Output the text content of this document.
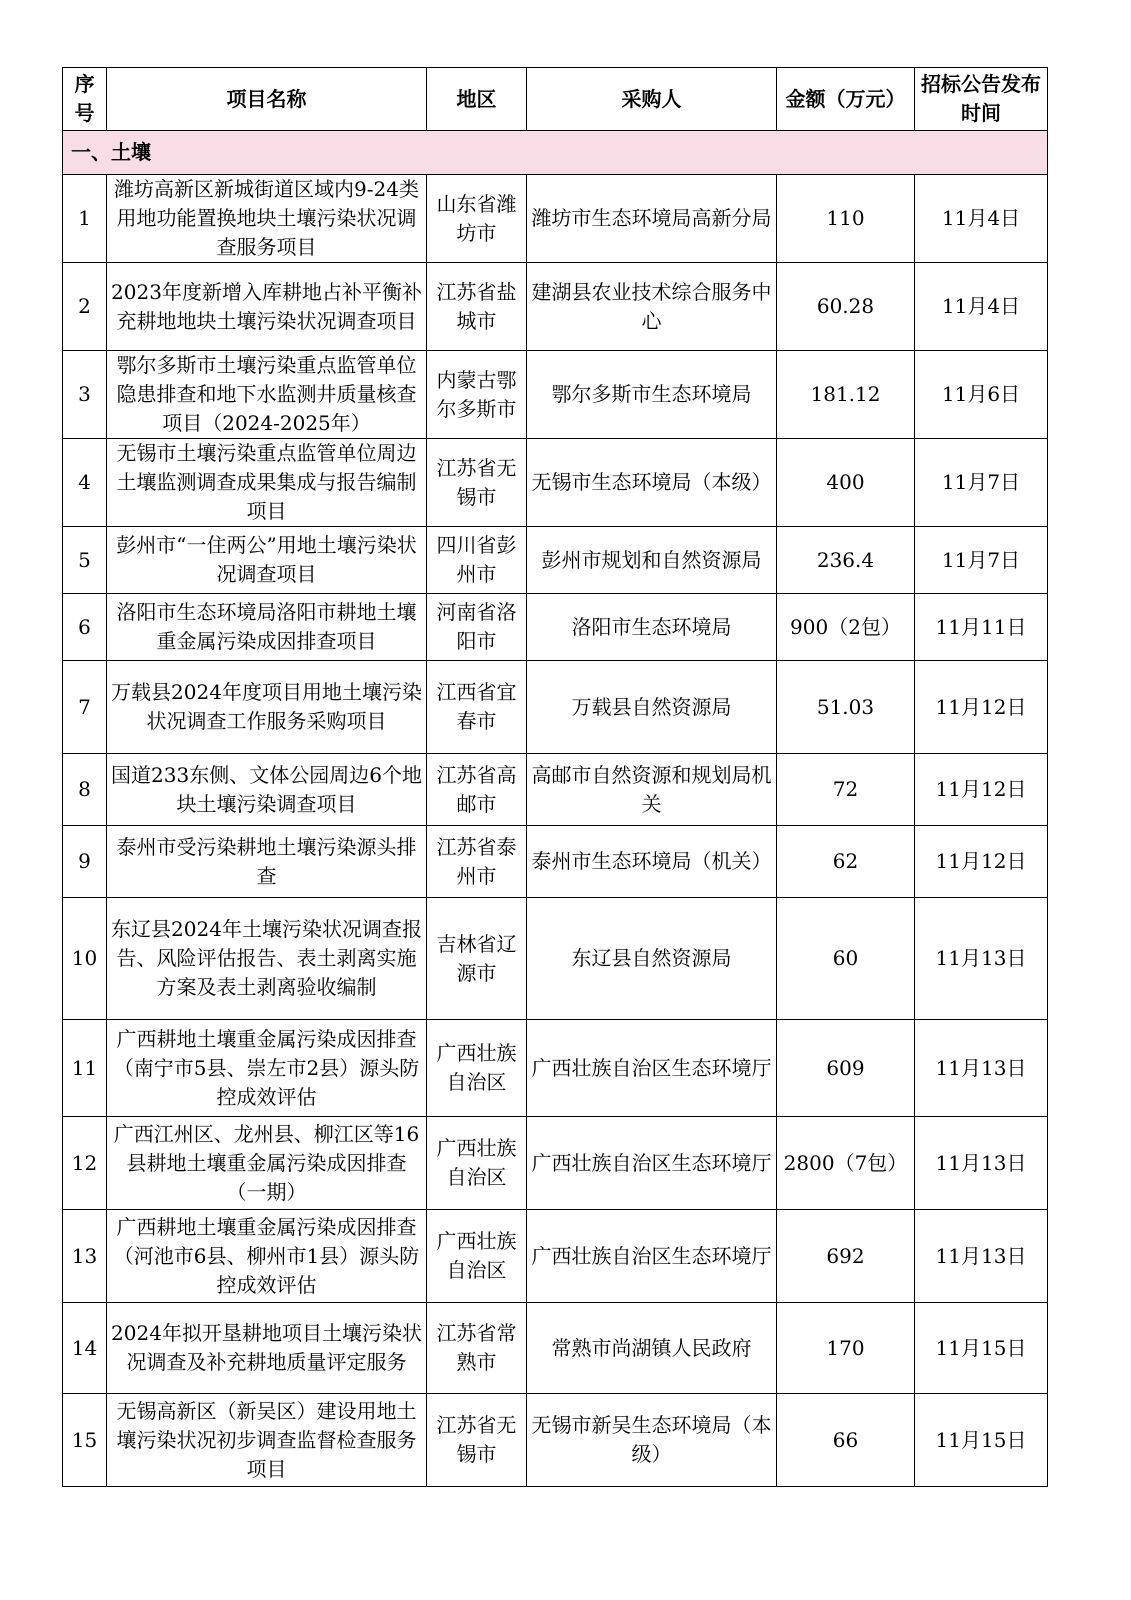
序号	项目名称	地区	采购人	金额（万元）	招标公告发布时间
一、土壤					
1	潍坊高新区新城街道区域内9-24类用地功能置换地块土壤污染状况调查服务项目	山东省潍坊市	潍坊市生态环境局高新分局	110	11月4日
2	2023年度新增入库耕地占补平衡补充耕地地块土壤污染状况调查项目	江苏省盐城市	建湖县农业技术综合服务中心	60.28	11月4日
3	鄂尔多斯市土壤污染重点监管单位隐患排查和地下水监测井质量核查项目（2024-2025年）	内蒙古鄂尔多斯市	鄂尔多斯市生态环境局	181.12	11月6日
4	无锡市土壤污染重点监管单位周边土壤监测调查成果集成与报告编制项目	江苏省无锡市	无锡市生态环境局（本级）	400	11月7日
5	彭州市“一住两公”用地土壤污染状况调查项目	四川省彭州市	彭州市规划和自然资源局	236.4	11月7日
6	洛阳市生态环境局洛阳市耕地土壤重金属污染成因排查项目	河南省洛阳市	洛阳市生态环境局	900（2包）	11月11日
7	万载县2024年度项目用地土壤污染状况调查工作服务采购项目	江西省宜春市	万载县自然资源局	51.03	11月12日
8	国道233东侧、文体公园周边6个地块土壤污染调查项目	江苏省高邮市	高邮市自然资源和规划局机关	72	11月12日
9	泰州市受污染耕地土壤污染源头排查	江苏省泰州市	泰州市生态环境局（机关）	62	11月12日
10	东辽县2024年土壤污染状况调查报告、风险评估报告、表土剥离实施方案及表土剥离验收编制	吉林省辽源市	东辽县自然资源局	60	11月13日
11	广西耕地土壤重金属污染成因排查（南宁市5县、崇左市2县）源头防控成效评估	广西壮族自治区	广西壮族自治区生态环境厅	609	11月13日
12	广西江州区、龙州县、柳江区等16县耕地土壤重金属污染成因排查（一期）	广西壮族自治区	广西壮族自治区生态环境厅	2800（7包）	11月13日
13	广西耕地土壤重金属污染成因排查（河池市6县、柳州市1县）源头防控成效评估	广西壮族自治区	广西壮族自治区生态环境厅	692	11月13日
14	2024年拟开垦耕地项目土壤污染状况调查及补充耕地质量评定服务	江苏省常熟市	常熟市尚湖镇人民政府	170	11月15日
15	无锡高新区（新吴区）建设用地土壤污染状况初步调查监督检查服务项目	江苏省无锡市	无锡市新吴生态环境局（本级）	66	11月15日
